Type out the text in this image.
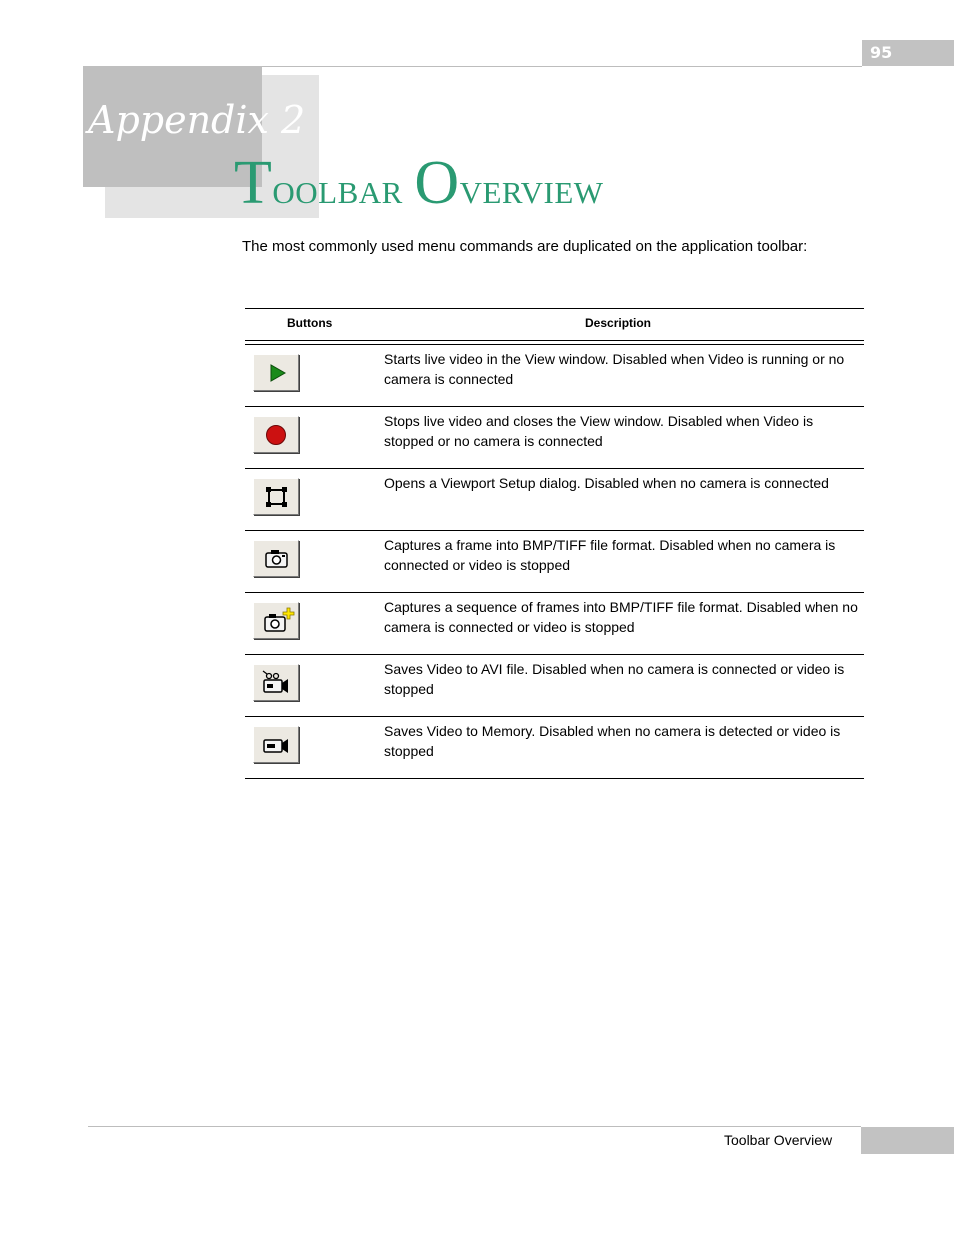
95
Appendix 2
Toolbar Overview
The most commonly used menu commands are duplicated on the application toolbar:
Buttons	Description
Starts live video in the View window. Disabled when Video is running or no camera is connected
Stops live video and closes the View window. Disabled when Video is stopped or no camera is connected
Opens a Viewport Setup dialog. Disabled when no camera is connected
Captures a frame into BMP/TIFF file format. Disabled when no camera is connected or video is stopped
Captures a sequence of frames into BMP/TIFF file format. Disabled when no camera is connected or video is stopped
Saves Video to AVI file. Disabled when no camera is connected or video is stopped
Saves Video to Memory. Disabled when no camera is detected or video is stopped
Toolbar Overview
